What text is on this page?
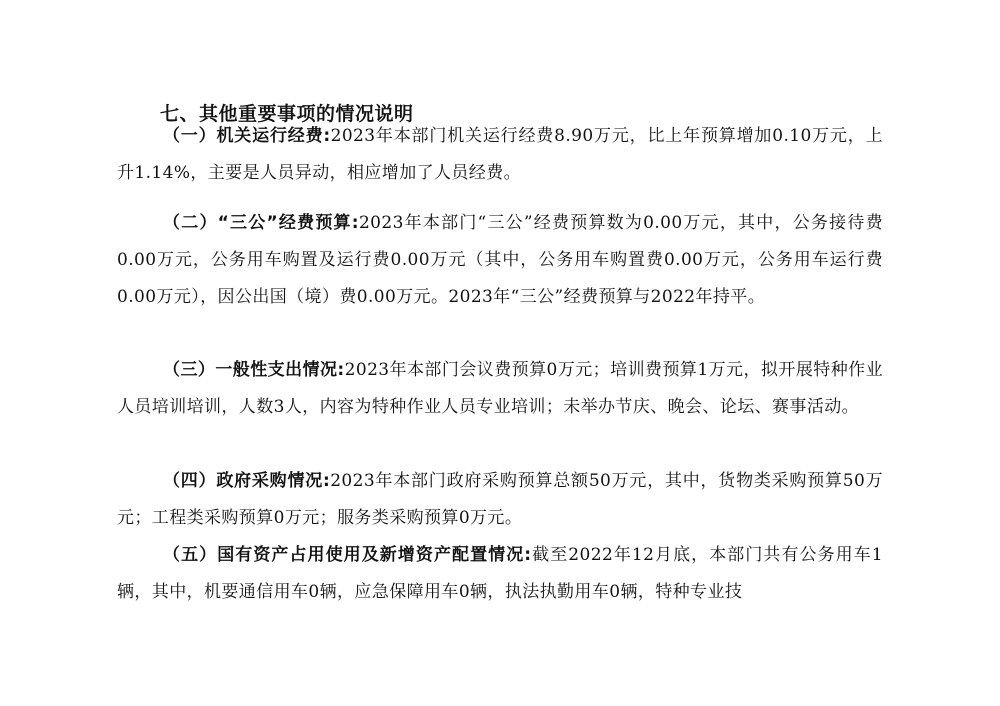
七、其他重要事项的情况说明

（一）机关运行经费:2023年本部门机关运行经费8.90万元，比上年预算增加0.10万元，上升1.14%，主要是人员异动，相应增加了人员经费。

（二）“三公”经费预算:2023年本部门“三公”经费预算数为0.00万元，其中，公务接待费0.00万元，公务用车购置及运行费0.00万元（其中，公务用车购置费0.00万元，公务用车运行费0.00万元），因公出国（境）费0.00万元。2023年“三公”经费预算与2022年持平。

（三）一般性支出情况:2023年本部门会议费预算0万元；培训费预算1万元，拟开展特种作业人员培训培训，人数3人，内容为特种作业人员专业培训；未举办节庆、晚会、论坛、赛事活动。

（四）政府采购情况:2023年本部门政府采购预算总额50万元，其中，货物类采购预算50万元；工程类采购预算0万元；服务类采购预算0万元。

（五）国有资产占用使用及新增资产配置情况:截至2022年12月底，本部门共有公务用车1辆，其中，机要通信用车0辆，应急保障用车0辆，执法执勤用车0辆，特种专业技
